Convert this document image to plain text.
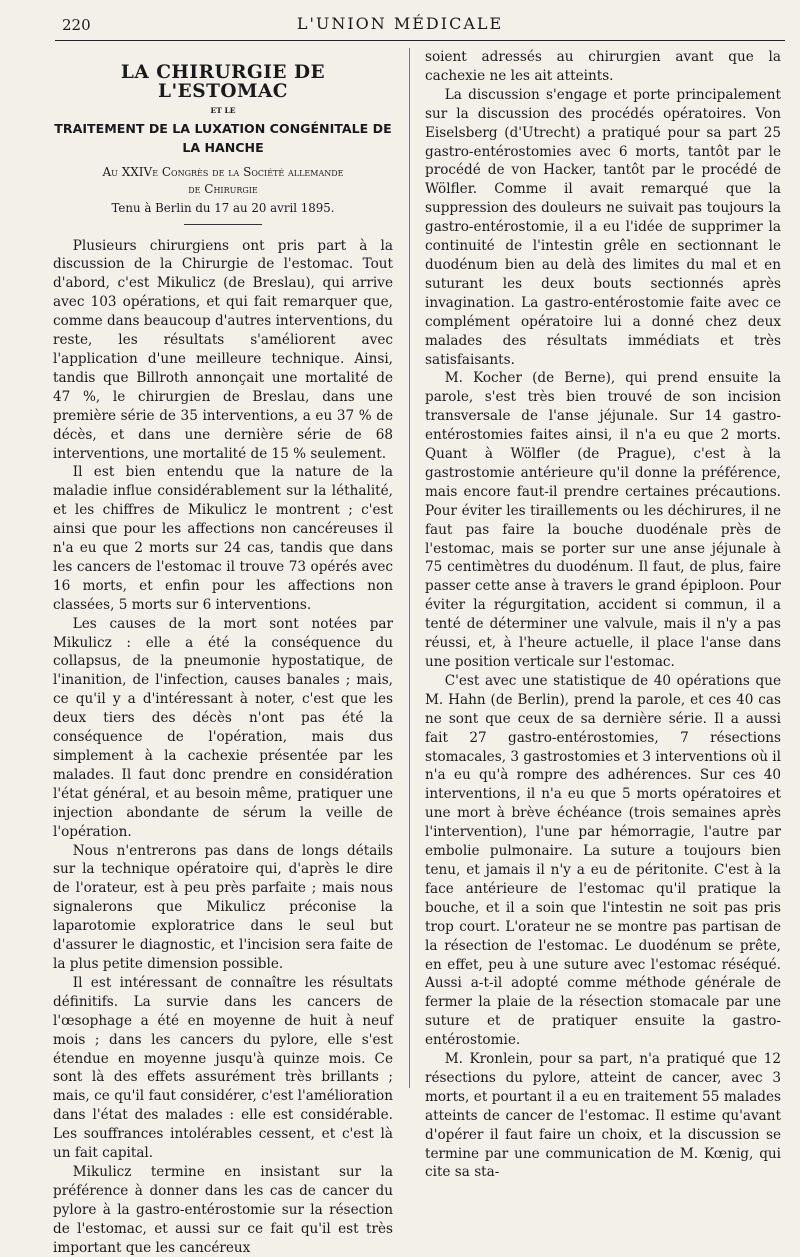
220	L'UNION MÉDICALE
LA CHIRURGIE DE L'ESTOMAC
ET LE
TRAITEMENT DE LA LUXATION CONGÉNITALE DE LA HANCHE
Au XXIVe Congrès de la Société allemande
de Chirurgie
Tenu à Berlin du 17 au 20 avril 1895.

Plusieurs chirurgiens ont pris part à la discussion de la Chirurgie de l'estomac. Tout d'abord, c'est Mikulicz (de Breslau), qui arrive avec 103 opérations, et qui fait remarquer que, comme dans beaucoup d'autres interventions, du reste, les résultats s'améliorent avec l'application d'une meilleure technique. Ainsi, tandis que Billroth annonçait une mortalité de 47 %, le chirurgien de Breslau, dans une première série de 35 interventions, a eu 37 % de décès, et dans une dernière série de 68 interventions, une mortalité de 15 % seulement.

Il est bien entendu que la nature de la maladie influe considérablement sur la léthalité, et les chiffres de Mikulicz le montrent ; c'est ainsi que pour les affections non cancéreuses il n'a eu que 2 morts sur 24 cas, tandis que dans les cancers de l'estomac il trouve 73 opérés avec 16 morts, et enfin pour les affections non classées, 5 morts sur 6 interventions.

Les causes de la mort sont notées par Mikulicz : elle a été la conséquence du collapsus, de la pneumonie hypostatique, de l'inanition, de l'infection, causes banales ; mais, ce qu'il y a d'intéressant à noter, c'est que les deux tiers des décès n'ont pas été la conséquence de l'opération, mais dus simplement à la cachexie présentée par les malades. Il faut donc prendre en considération l'état général, et au besoin même, pratiquer une injection abondante de sérum la veille de l'opération.

Nous n'entrerons pas dans de longs détails sur la technique opératoire qui, d'après le dire de l'orateur, est à peu près parfaite ; mais nous signalerons que Mikulicz préconise la laparotomie exploratrice dans le seul but d'assurer le diagnostic, et l'incision sera faite de la plus petite dimension possible.

Il est intéressant de connaître les résultats définitifs. La survie dans les cancers de l'œsophage a été en moyenne de huit à neuf mois ; dans les cancers du pylore, elle s'est étendue en moyenne jusqu'à quinze mois. Ce sont là des effets assurément très brillants ; mais, ce qu'il faut considérer, c'est l'amélioration dans l'état des malades : elle est considérable. Les souffrances intolérables cessent, et c'est là un fait capital.

Mikulicz termine en insistant sur la préférence à donner dans les cas de cancer du pylore à la gastro-entérostomie sur la résection de l'estomac, et aussi sur ce fait qu'il est très important que les cancéreux

soient adressés au chirurgien avant que la cachexie ne les ait atteints.

La discussion s'engage et porte principalement sur la discussion des procédés opératoires. Von Eiselsberg (d'Utrecht) a pratiqué pour sa part 25 gastro-entérostomies avec 6 morts, tantôt par le procédé de von Hacker, tantôt par le procédé de Wölfler. Comme il avait remarqué que la suppression des douleurs ne suivait pas toujours la gastro-entérostomie, il a eu l'idée de supprimer la continuité de l'intestin grêle en sectionnant le duodénum bien au delà des limites du mal et en suturant les deux bouts sectionnés après invagination. La gastro-entérostomie faite avec ce complément opératoire lui a donné chez deux malades des résultats immédiats et très satisfaisants.

M. Kocher (de Berne), qui prend ensuite la parole, s'est très bien trouvé de son incision transversale de l'anse jéjunale. Sur 14 gastro-entérostomies faites ainsi, il n'a eu que 2 morts. Quant à Wölfler (de Prague), c'est à la gastrostomie antérieure qu'il donne la préférence, mais encore faut-il prendre certaines précautions. Pour éviter les tiraillements ou les déchirures, il ne faut pas faire la bouche duodénale près de l'estomac, mais se porter sur une anse jéjunale à 75 centimètres du duodénum. Il faut, de plus, faire passer cette anse à travers le grand épiploon. Pour éviter la régurgitation, accident si commun, il a tenté de déterminer une valvule, mais il n'y a pas réussi, et, à l'heure actuelle, il place l'anse dans une position verticale sur l'estomac.

C'est avec une statistique de 40 opérations que M. Hahn (de Berlin), prend la parole, et ces 40 cas ne sont que ceux de sa dernière série. Il a aussi fait 27 gastro-entérostomies, 7 résections stomacales, 3 gastrostomies et 3 interventions où il n'a eu qu'à rompre des adhérences. Sur ces 40 interventions, il n'a eu que 5 morts opératoires et une mort à brève échéance (trois semaines après l'intervention), l'une par hémorragie, l'autre par embolie pulmonaire. La suture a toujours bien tenu, et jamais il n'y a eu de péritonite. C'est à la face antérieure de l'estomac qu'il pratique la bouche, et il a soin que l'intestin ne soit pas pris trop court. L'orateur ne se montre pas partisan de la résection de l'estomac. Le duodénum se prête, en effet, peu à une suture avec l'estomac réséqué. Aussi a-t-il adopté comme méthode générale de fermer la plaie de la résection stomacale par une suture et de pratiquer ensuite la gastro-entérostomie.

M. Kronlein, pour sa part, n'a pratiqué que 12 résections du pylore, atteint de cancer, avec 3 morts, et pourtant il a eu en traitement 55 malades atteints de cancer de l'estomac. Il estime qu'avant d'opérer il faut faire un choix, et la discussion se termine par une communication de M. Kœnig, qui cite sa sta-
